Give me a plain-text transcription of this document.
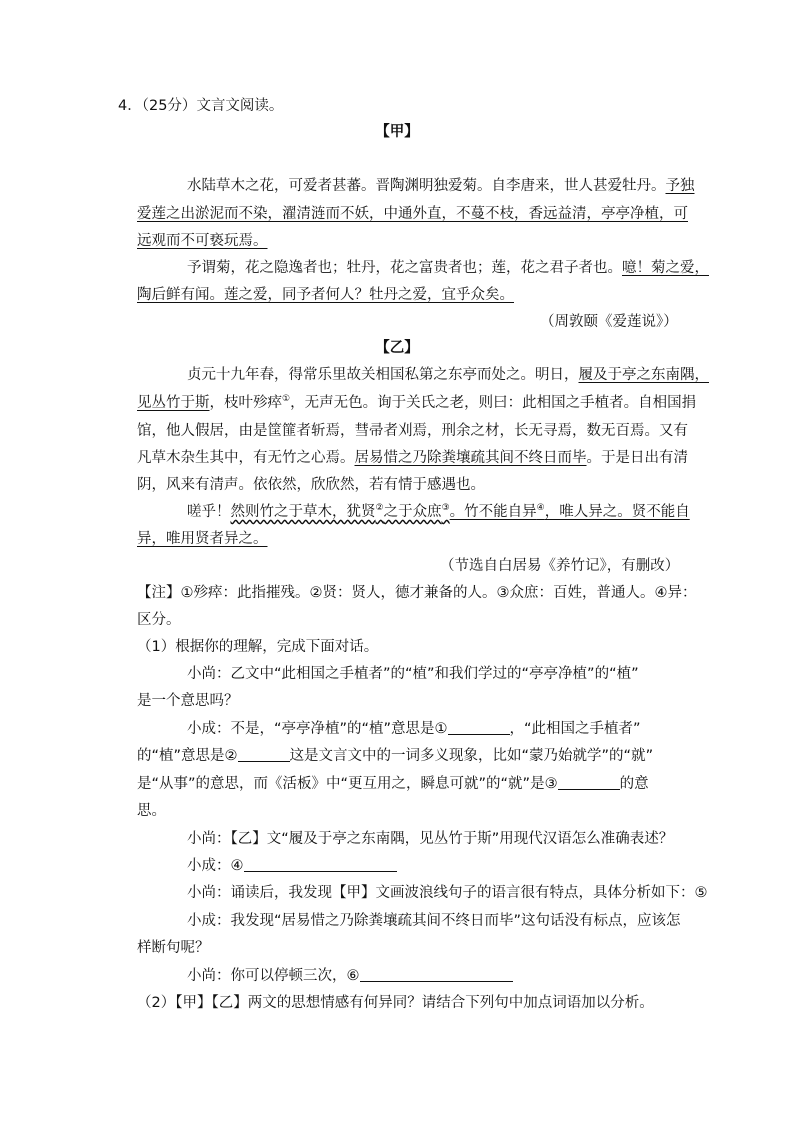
4．（25分）文言文阅读。
【甲】
水陆草木之花，可爱者甚蕃。晋陶渊明独爱菊。自李唐来，世人甚爱牡丹。予独
爱莲之出淤泥而不染，濯清涟而不妖，中通外直，不蔓不枝，香远益清，亭亭净植，可
远观而不可亵玩焉。
予谓菊，花之隐逸者也；牡丹，花之富贵者也；莲，花之君子者也。噫！菊之爱，
陶后鲜有闻。莲之爱，同予者何人？牡丹之爱，宜乎众矣。
（周敦颐《爱莲说》）
【乙】
贞元十九年春，得常乐里故关相国私第之东亭而处之。明日，履及于亭之东南隅，
见丛竹于斯，枝叶殄瘁①，无声无色。询于关氏之老，则曰：此相国之手植者。自相国捐
馆，他人假居，由是筐篚者斩焉，彗帚者刈焉，刑余之材，长无寻焉，数无百焉。又有
凡草木杂生其中，有无竹之心焉。居易惜之乃除粪壤疏其间不终日而毕。于是日出有清
阴，风来有清声。依依然，欣欣然，若有情于感遇也。
嗟乎！然则竹之于草木，犹贤②之于众庶③。竹不能自异④，唯人异之。贤不能自
异，唯用贤者异之。
（节选自白居易《养竹记》，有删改）
【注】①殄瘁：此指摧残。②贤：贤人，德才兼备的人。③众庶：百姓，普通人。④异：
区分。
（1）根据你的理解，完成下面对话。
小尚：乙文中“此相国之手植者”的“植”和我们学过的“亭亭净植”的“植”
是一个意思吗？
小成：不是，“亭亭净植”的“植”意思是①	，“此相国之手植者”
的“植”意思是②	这是文言文中的一词多义现象，比如“蒙乃始就学”的“就”
是“从事”的意思，而《活板》中“更互用之，瞬息可就”的“就”是③	的意
思。
小尚：【乙】文“履及于亭之东南隅，见丛竹于斯”用现代汉语怎么准确表述？
小成：④
小尚：诵读后，我发现【甲】文画波浪线句子的语言很有特点，具体分析如下：⑤
小成：我发现“居易惜之乃除粪壤疏其间不终日而毕”这句话没有标点，应该怎
样断句呢？
小尚：你可以停顿三次，⑥
（2）【甲】【乙】两文的思想情感有何异同？请结合下列句中加点词语加以分析。
